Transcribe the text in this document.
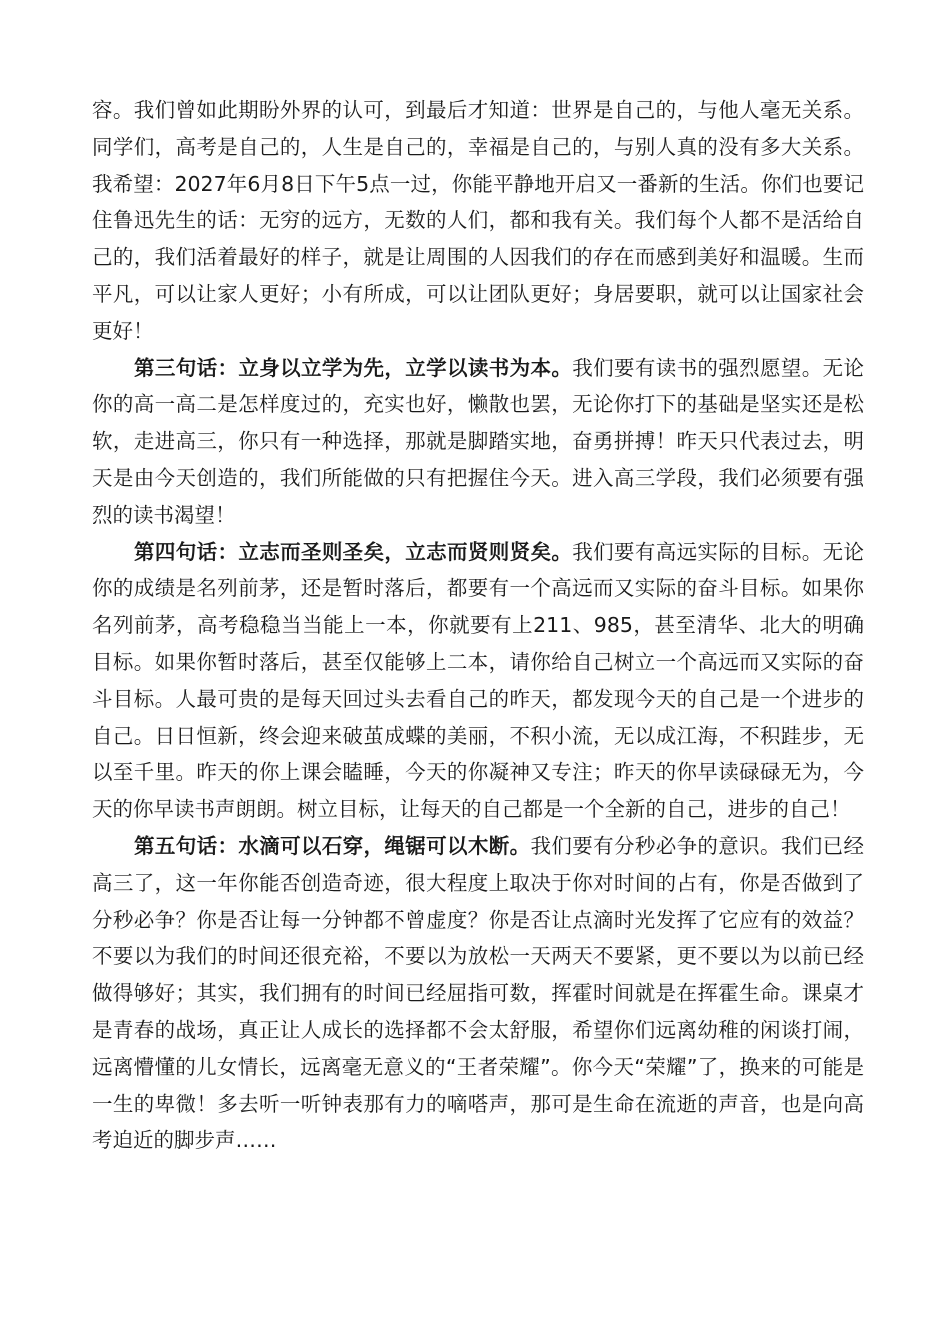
容。我们曾如此期盼外界的认可，到最后才知道：世界是自己的，与他人毫无关系。同学们，高考是自己的，人生是自己的，幸福是自己的，与别人真的没有多大关系。我希望：2027年6月8日下午5点一过，你能平静地开启又一番新的生活。你们也要记住鲁迅先生的话：无穷的远方，无数的人们，都和我有关。我们每个人都不是活给自己的，我们活着最好的样子，就是让周围的人因我们的存在而感到美好和温暖。生而平凡，可以让家人更好；小有所成，可以让团队更好；身居要职，就可以让国家社会更好！

第三句话：立身以立学为先，立学以读书为本。我们要有读书的强烈愿望。无论你的高一高二是怎样度过的，充实也好，懒散也罢，无论你打下的基础是坚实还是松软，走进高三，你只有一种选择，那就是脚踏实地，奋勇拼搏！昨天只代表过去，明天是由今天创造的，我们所能做的只有把握住今天。进入高三学段，我们必须要有强烈的读书渴望！

第四句话：立志而圣则圣矣，立志而贤则贤矣。我们要有高远实际的目标。无论你的成绩是名列前茅，还是暂时落后，都要有一个高远而又实际的奋斗目标。如果你名列前茅，高考稳稳当当能上一本，你就要有上211、985，甚至清华、北大的明确目标。如果你暂时落后，甚至仅能够上二本，请你给自己树立一个高远而又实际的奋斗目标。人最可贵的是每天回过头去看自己的昨天，都发现今天的自己是一个进步的自己。日日恒新，终会迎来破茧成蝶的美丽，不积小流，无以成江海，不积跬步，无以至千里。昨天的你上课会瞌睡，今天的你凝神又专注；昨天的你早读碌碌无为，今天的你早读书声朗朗。树立目标，让每天的自己都是一个全新的自己，进步的自己！

第五句话：水滴可以石穿，绳锯可以木断。我们要有分秒必争的意识。我们已经高三了，这一年你能否创造奇迹，很大程度上取决于你对时间的占有，你是否做到了分秒必争？你是否让每一分钟都不曾虚度？你是否让点滴时光发挥了它应有的效益？不要以为我们的时间还很充裕，不要以为放松一天两天不要紧，更不要以为以前已经做得够好；其实，我们拥有的时间已经屈指可数，挥霍时间就是在挥霍生命。课桌才是青春的战场，真正让人成长的选择都不会太舒服，希望你们远离幼稚的闲谈打闹，远离懵懂的儿女情长，远离毫无意义的“王者荣耀”。你今天“荣耀”了，换来的可能是一生的卑微！多去听一听钟表那有力的嘀嗒声，那可是生命在流逝的声音，也是向高考迫近的脚步声……
